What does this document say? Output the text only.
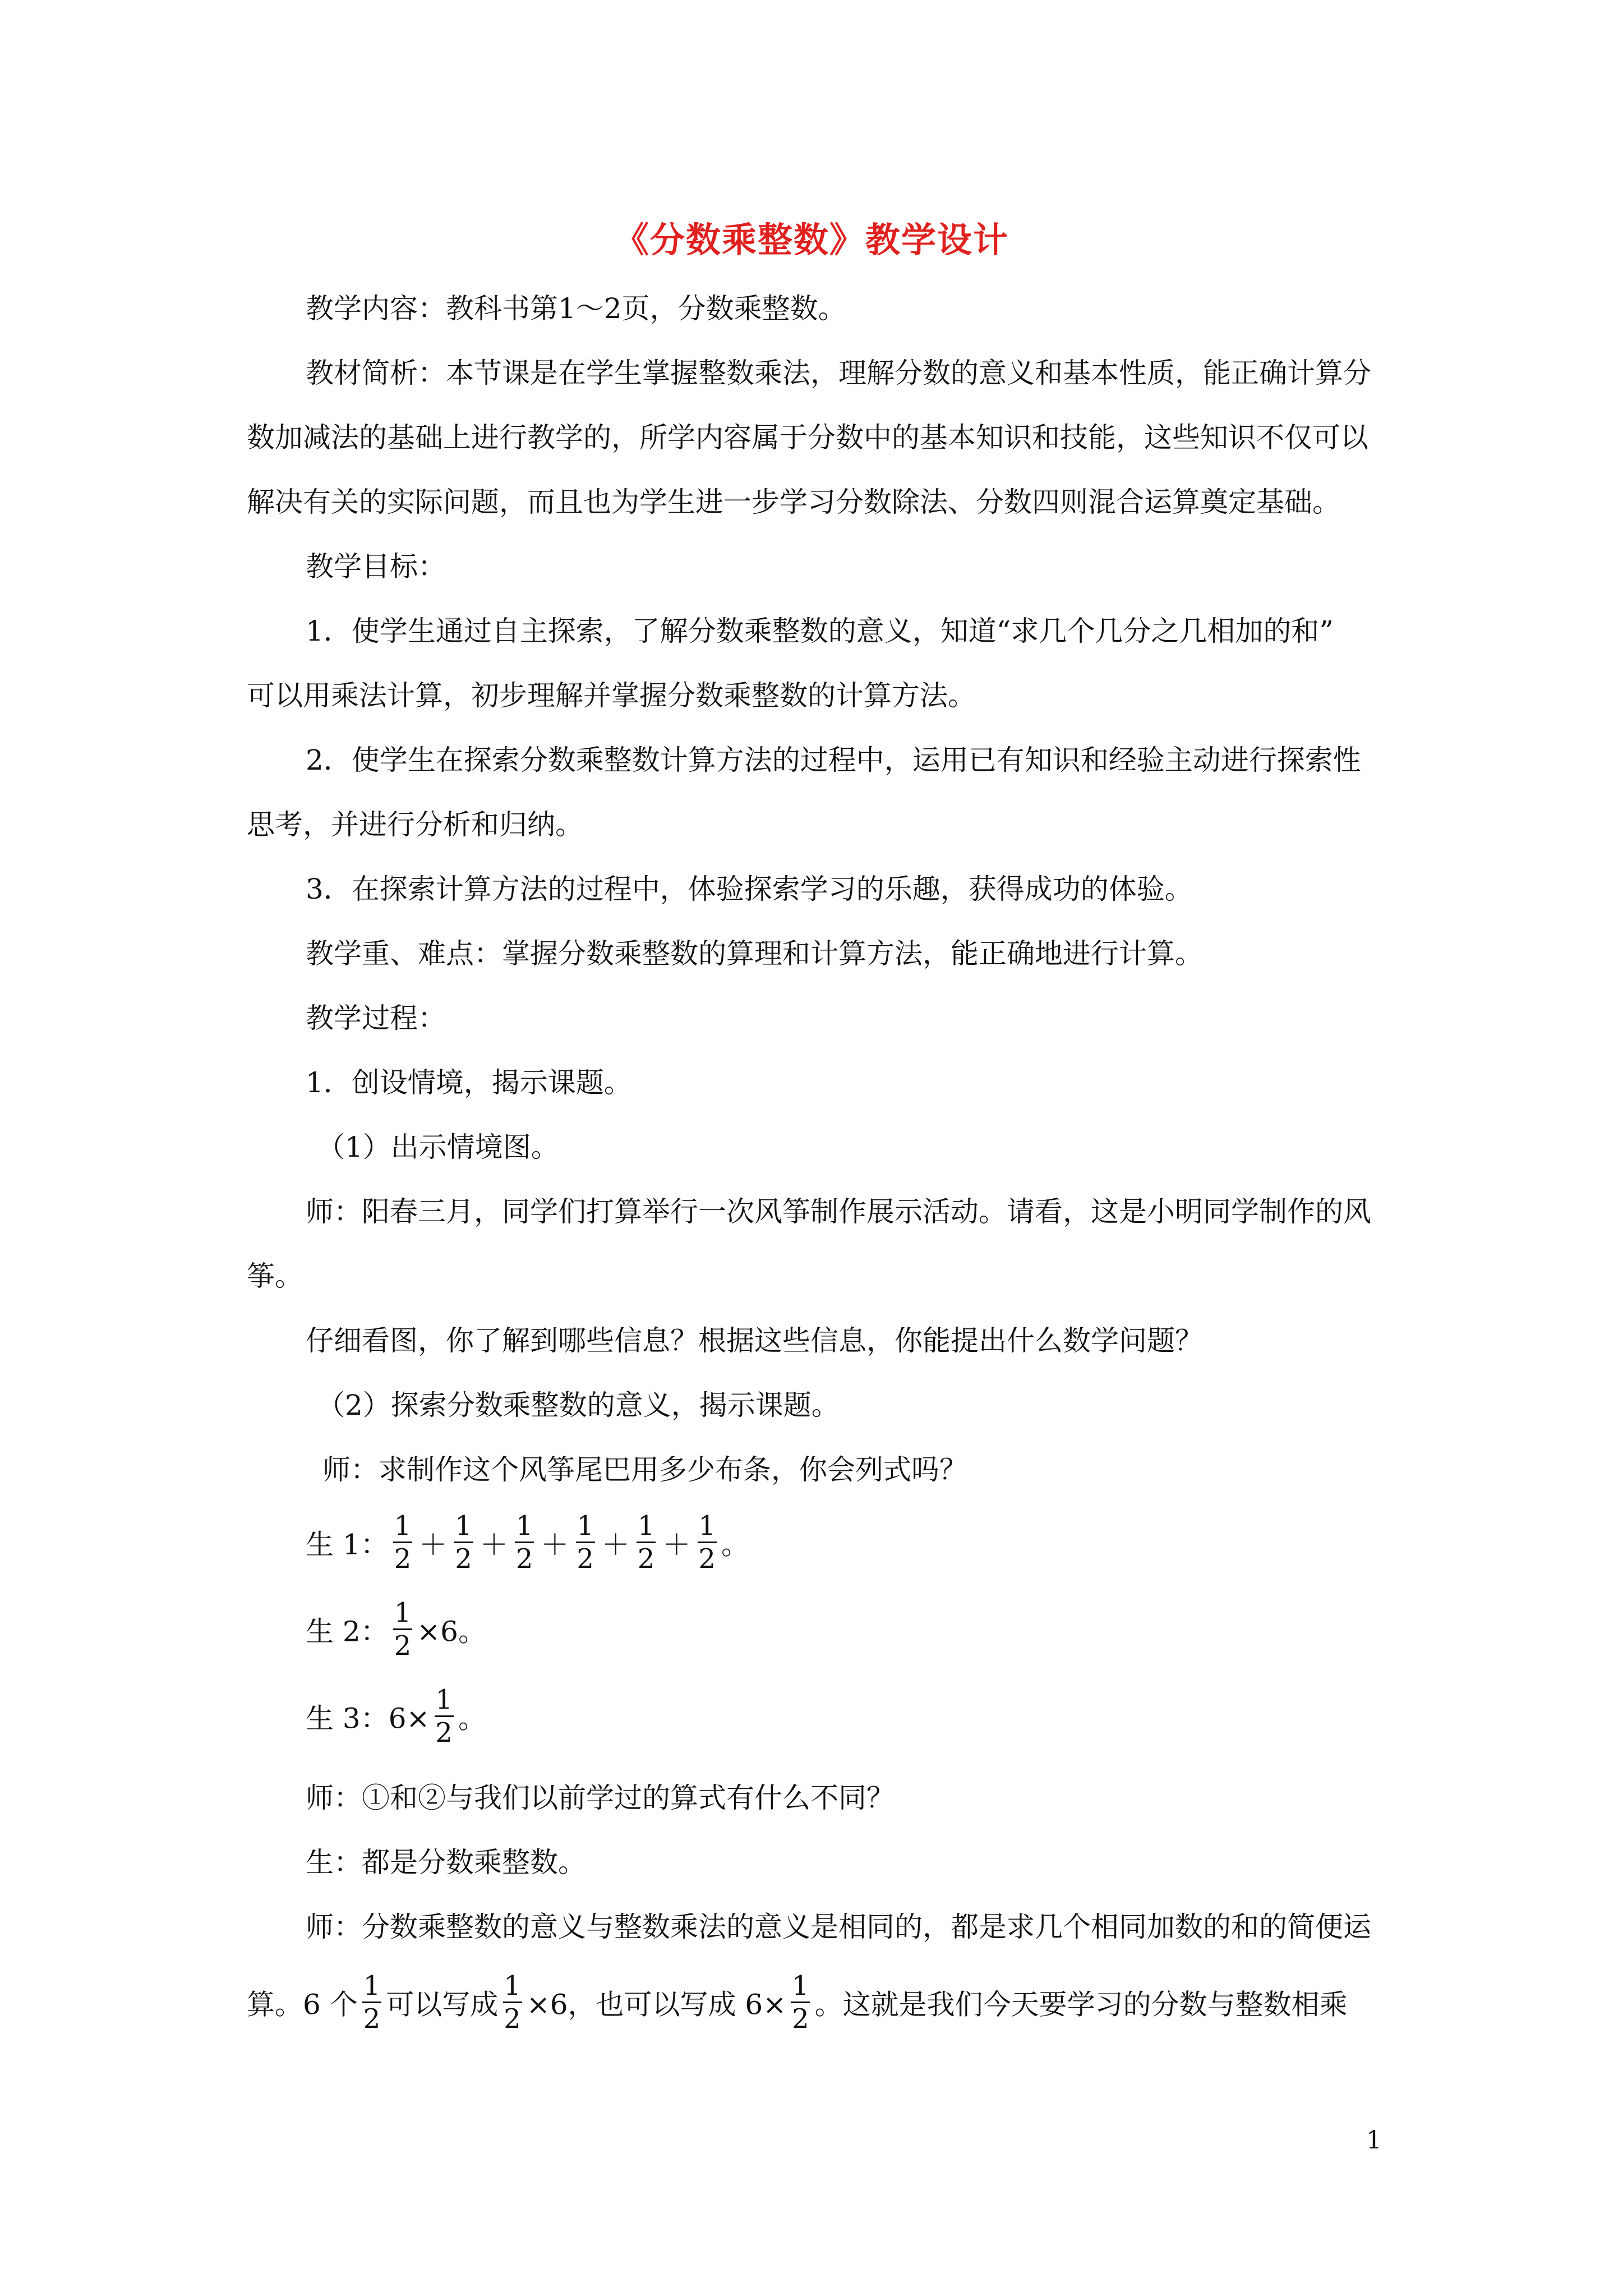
《分数乘整数》教学设计
教学内容：教科书第1～2页，分数乘整数。
教材简析：本节课是在学生掌握整数乘法，理解分数的意义和基本性质，能正确计算分
数加减法的基础上进行教学的，所学内容属于分数中的基本知识和技能，这些知识不仅可以
解决有关的实际问题，而且也为学生进一步学习分数除法、分数四则混合运算奠定基础。
教学目标：
1．使学生通过自主探索，了解分数乘整数的意义，知道“求几个几分之几相加的和”
可以用乘法计算，初步理解并掌握分数乘整数的计算方法。
2．使学生在探索分数乘整数计算方法的过程中，运用已有知识和经验主动进行探索性
思考，并进行分析和归纳。
3．在探索计算方法的过程中，体验探索学习的乐趣，获得成功的体验。
教学重、难点：掌握分数乘整数的算理和计算方法，能正确地进行计算。
教学过程：
1．创设情境，揭示课题。
（1）出示情境图。
师：阳春三月，同学们打算举行一次风筝制作展示活动。请看，这是小明同学制作的风
筝。
仔细看图，你了解到哪些信息？根据这些信息，你能提出什么数学问题？
（2）探索分数乘整数的意义，揭示课题。
师：求制作这个风筝尾巴用多少布条，你会列式吗？
生 1： $\frac{1}{2} + \frac{1}{2} + \frac{1}{2} + \frac{1}{2} + \frac{1}{2} + \frac{1}{2}$ 。
生 2： $\frac{1}{2} \times 6$。
生 3：$6\times \frac{1}{2}$ 。
师：①和②与我们以前学过的算式有什么不同？
生：都是分数乘整数。
师：分数乘整数的意义与整数乘法的意义是相同的，都是求几个相同加数的和的简便运
算。6 个 $\frac{1}{2}$ 可以写成 $\frac{1}{2} \times 6$，也可以写成 $6\times \frac{1}{2}$ 。这就是我们今天要学习的分数与整数相乘
1
